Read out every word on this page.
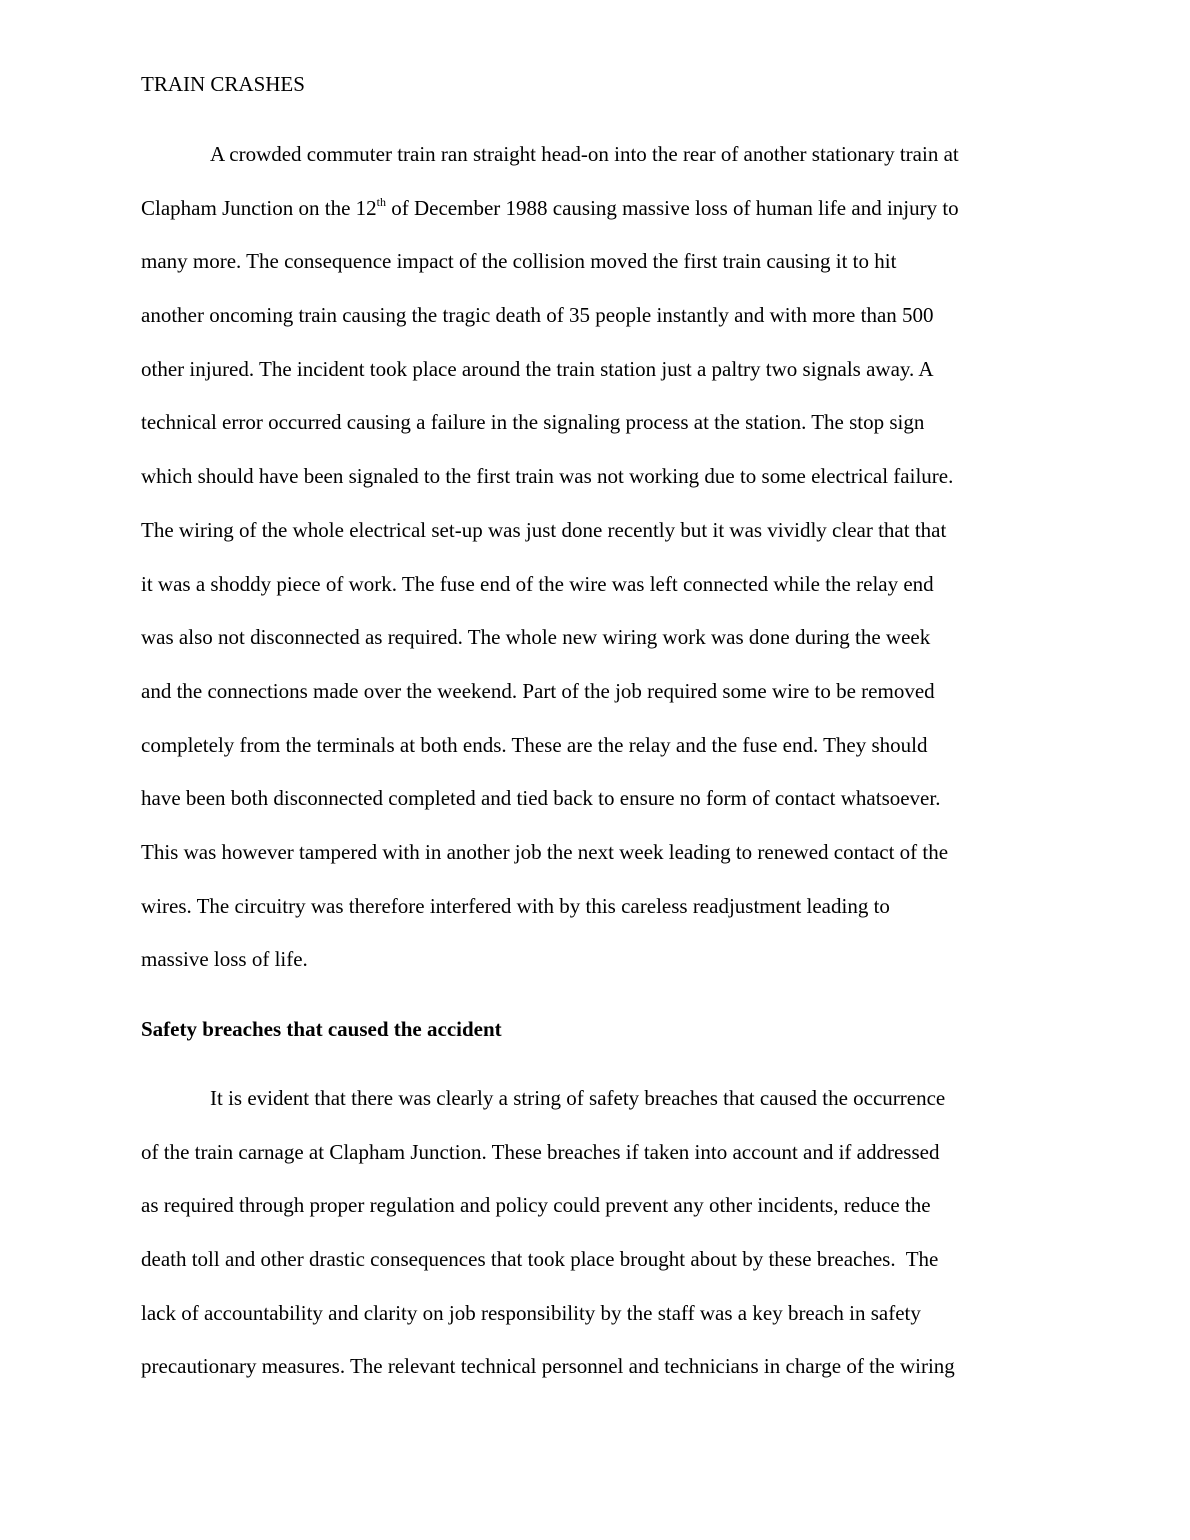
TRAIN CRASHES
A crowded commuter train ran straight head-on into the rear of another stationary train at
Clapham Junction on the 12th of December 1988 causing massive loss of human life and injury to
many more. The consequence impact of the collision moved the first train causing it to hit
another oncoming train causing the tragic death of 35 people instantly and with more than 500
other injured. The incident took place around the train station just a paltry two signals away. A
technical error occurred causing a failure in the signaling process at the station. The stop sign
which should have been signaled to the first train was not working due to some electrical failure.
The wiring of the whole electrical set-up was just done recently but it was vividly clear that that
it was a shoddy piece of work. The fuse end of the wire was left connected while the relay end
was also not disconnected as required. The whole new wiring work was done during the week
and the connections made over the weekend. Part of the job required some wire to be removed
completely from the terminals at both ends. These are the relay and the fuse end. They should
have been both disconnected completed and tied back to ensure no form of contact whatsoever.
This was however tampered with in another job the next week leading to renewed contact of the
wires. The circuitry was therefore interfered with by this careless readjustment leading to
massive loss of life.
Safety breaches that caused the accident
It is evident that there was clearly a string of safety breaches that caused the occurrence
of the train carnage at Clapham Junction. These breaches if taken into account and if addressed
as required through proper regulation and policy could prevent any other incidents, reduce the
death toll and other drastic consequences that took place brought about by these breaches.  The
lack of accountability and clarity on job responsibility by the staff was a key breach in safety
precautionary measures. The relevant technical personnel and technicians in charge of the wiring
